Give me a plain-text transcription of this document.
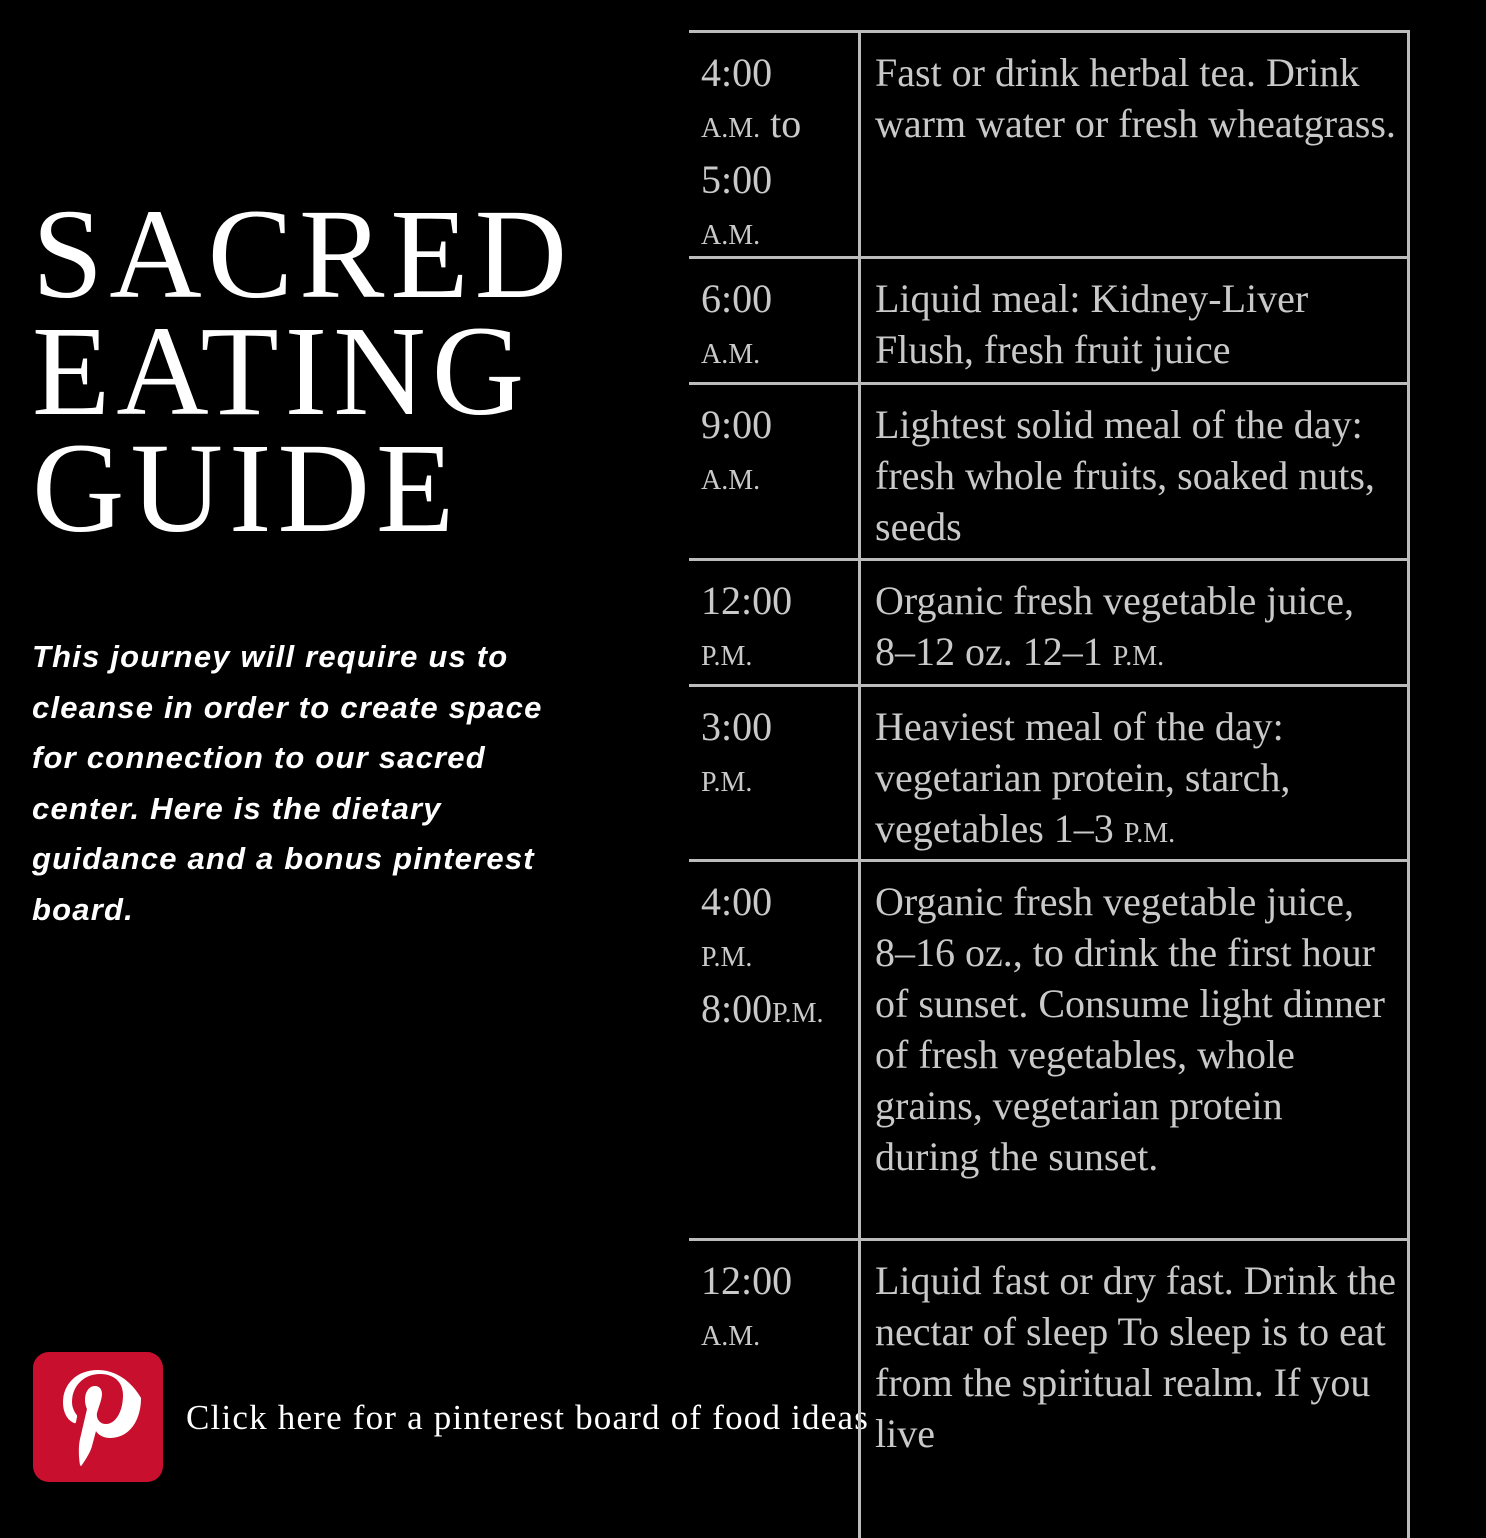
SACRED
EATING
GUIDE

This journey will require us to cleanse in order to create space for connection to our sacred center. Here is the dietary guidance and a bonus pinterest board.

Click here for a pinterest board of food ideas
4:00
A.M. to
5:00
A.M.
Fast or drink herbal tea. Drink warm water or fresh wheatgrass.
6:00
A.M.
Liquid meal: Kidney-Liver Flush, fresh fruit juice
9:00
A.M.
Lightest solid meal of the day: fresh whole fruits, soaked nuts, seeds
12:00
P.M.
Organic fresh vegetable juice, 8–12 oz. 12–1 P.M.
3:00
P.M.
Heaviest meal of the day: vegetarian protein, starch, vegetables 1–3 P.M.
4:00
P.M.
8:00P.M.
Organic fresh vegetable juice, 8–16 oz., to drink the first hour of sunset. Consume light dinner of fresh vegetables, whole grains, vegetarian protein during the sunset.
12:00
A.M.
Liquid fast or dry fast. Drink the nectar of sleep To sleep is to eat from the spiritual realm. If you live
